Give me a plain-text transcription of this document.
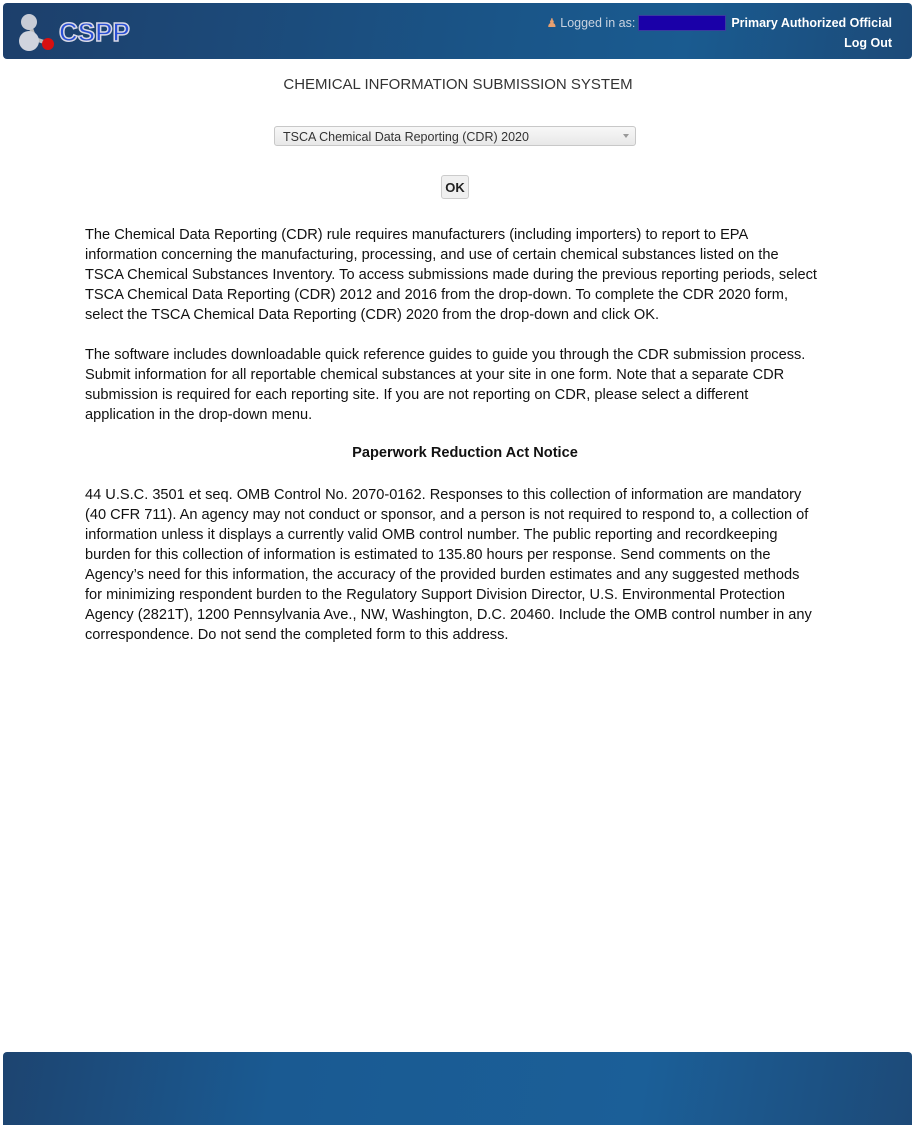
CSPP	♟ Logged in as:	Primary Authorized Official
Log Out
CHEMICAL INFORMATION SUBMISSION SYSTEM
TSCA Chemical Data Reporting (CDR) 2020
OK
The Chemical Data Reporting (CDR) rule requires manufacturers (including importers) to report to EPA
information concerning the manufacturing, processing, and use of certain chemical substances listed on the
TSCA Chemical Substances Inventory. To access submissions made during the previous reporting periods, select
TSCA Chemical Data Reporting (CDR) 2012 and 2016 from the drop-down. To complete the CDR 2020 form,
select the TSCA Chemical Data Reporting (CDR) 2020 from the drop-down and click OK.
The software includes downloadable quick reference guides to guide you through the CDR submission process.
Submit information for all reportable chemical substances at your site in one form. Note that a separate CDR
submission is required for each reporting site. If you are not reporting on CDR, please select a different
application in the drop-down menu.
Paperwork Reduction Act Notice
44 U.S.C. 3501 et seq. OMB Control No. 2070-0162. Responses to this collection of information are mandatory
(40 CFR 711). An agency may not conduct or sponsor, and a person is not required to respond to, a collection of
information unless it displays a currently valid OMB control number. The public reporting and recordkeeping
burden for this collection of information is estimated to 135.80 hours per response. Send comments on the
Agency’s need for this information, the accuracy of the provided burden estimates and any suggested methods
for minimizing respondent burden to the Regulatory Support Division Director, U.S. Environmental Protection
Agency (2821T), 1200 Pennsylvania Ave., NW, Washington, D.C. 20460. Include the OMB control number in any
correspondence. Do not send the completed form to this address.
